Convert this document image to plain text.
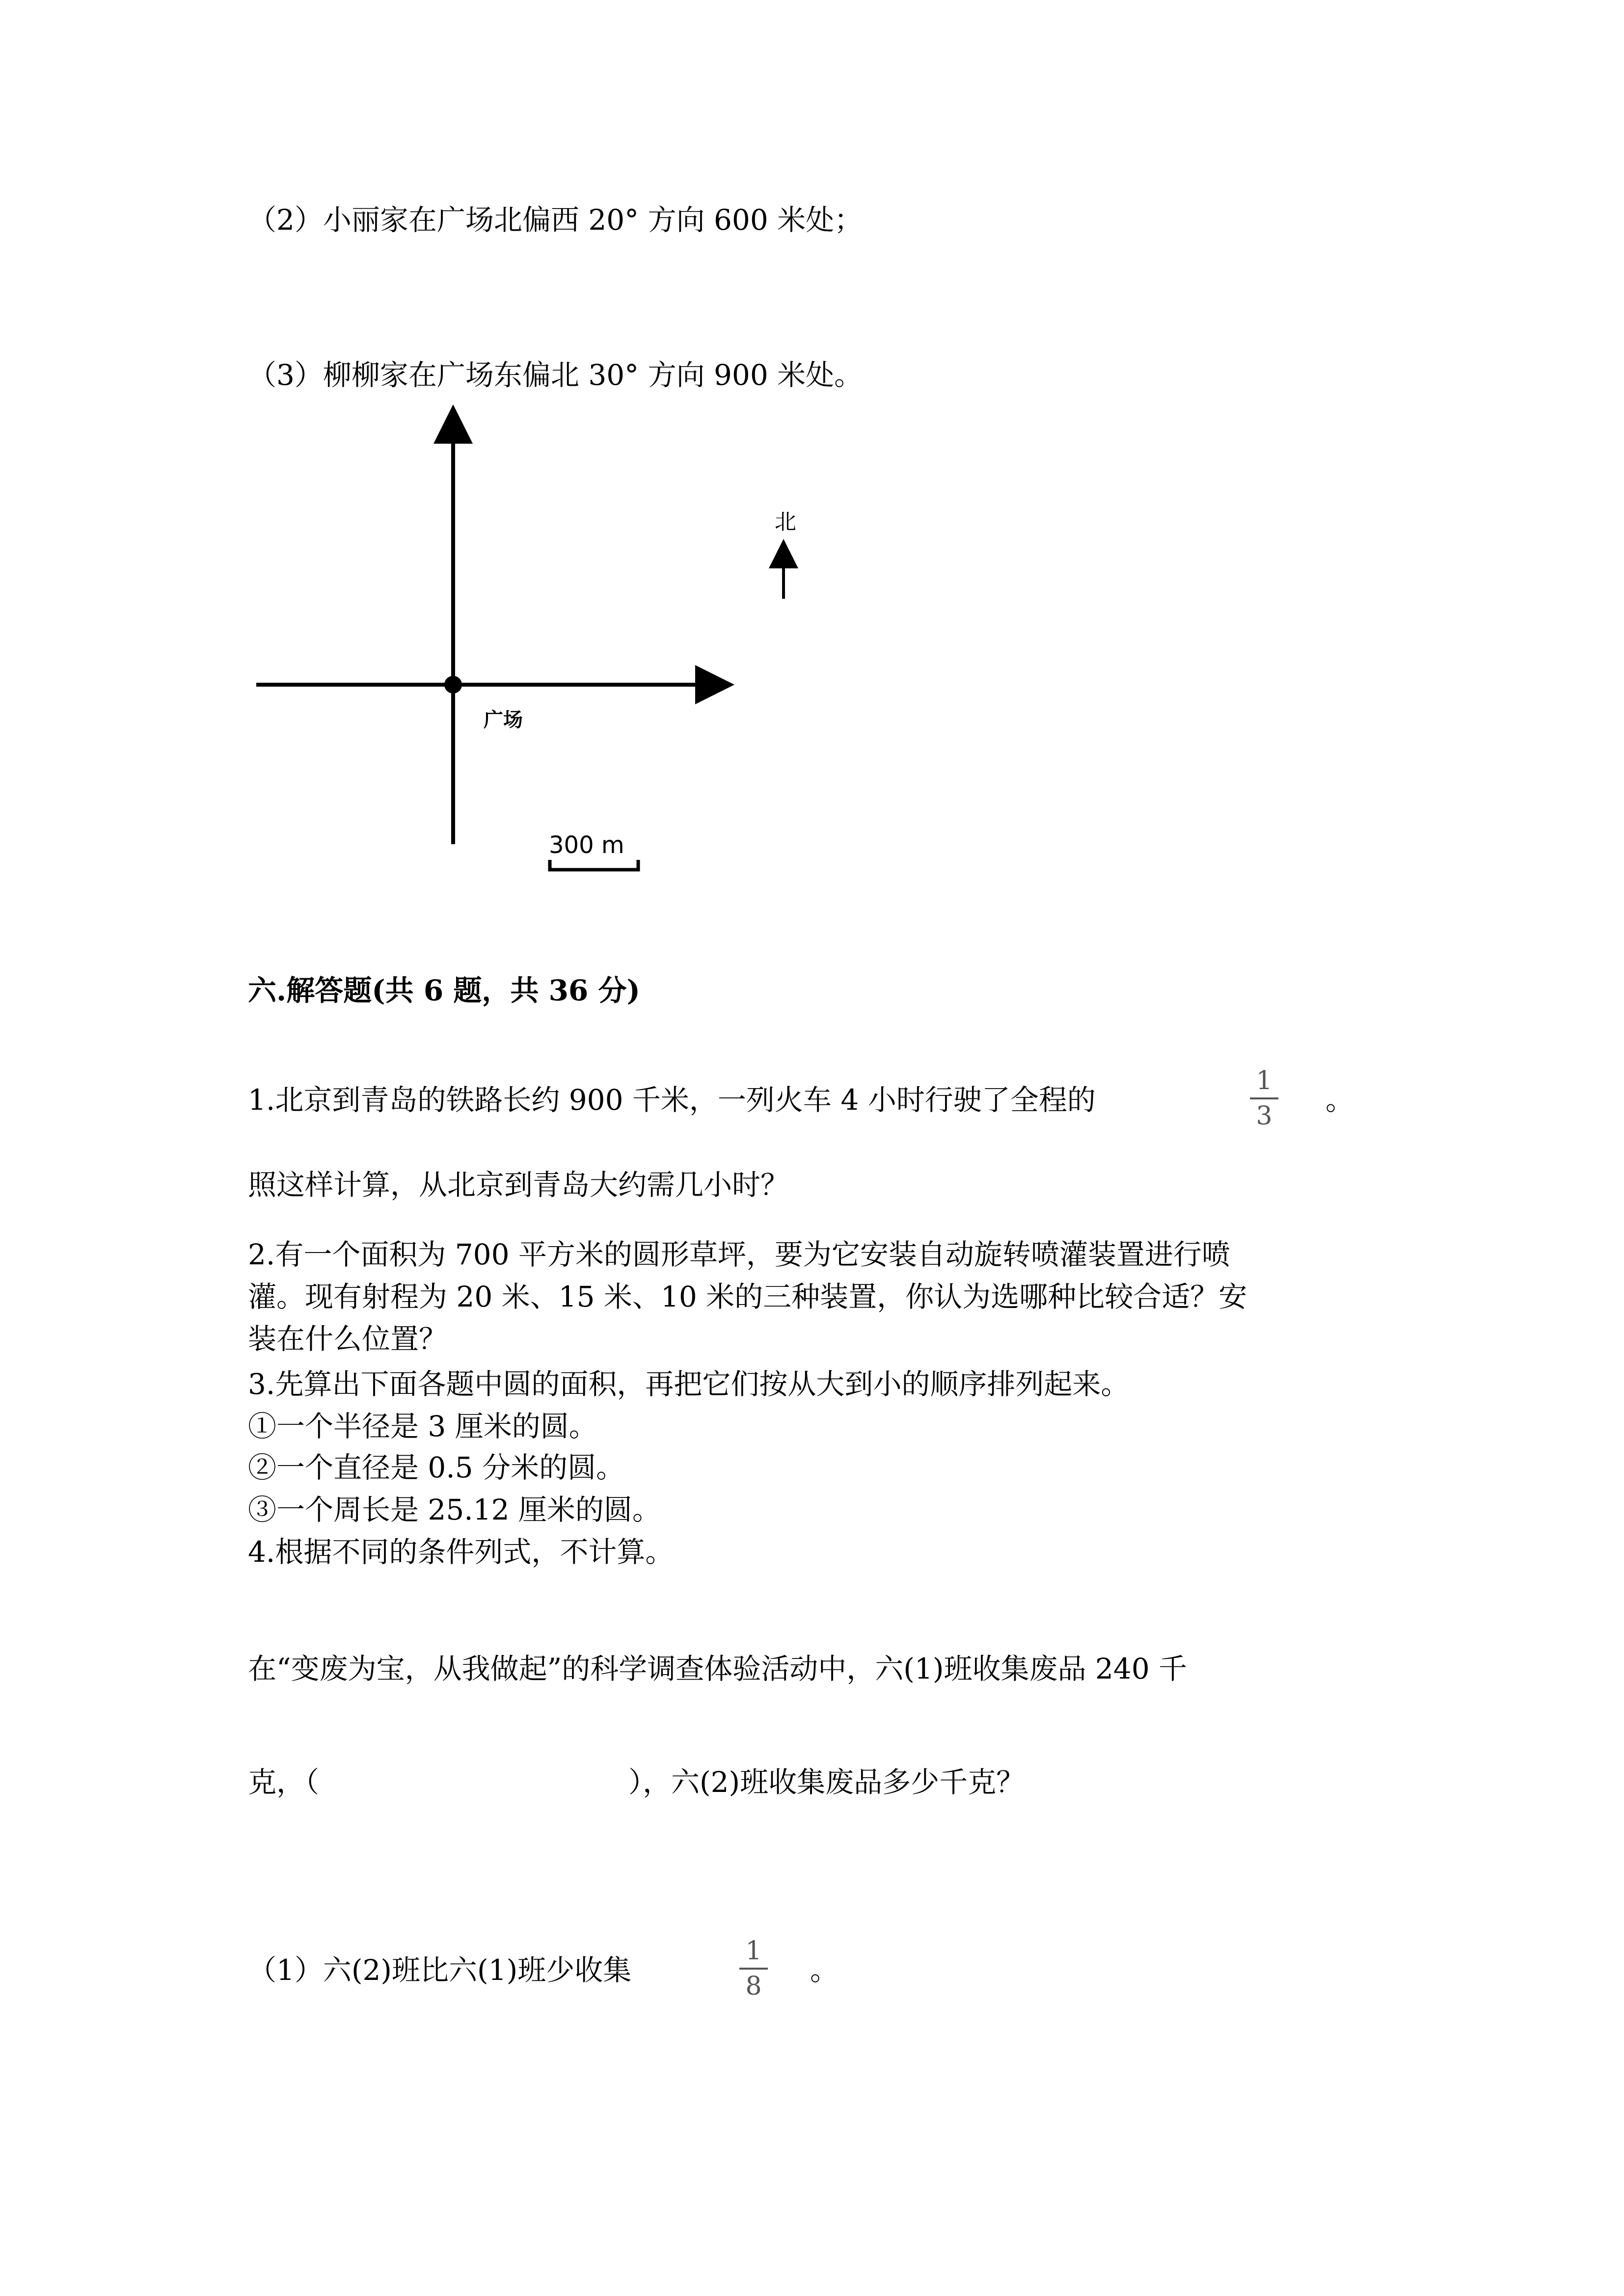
（2）小丽家在广场北偏西 20° 方向 600 米处；
（3）柳柳家在广场东偏北 30° 方向 900 米处。
广场
北
300 m
六.解答题(共 6 题，共 36 分)
1.北京到青岛的铁路长约 900 千米，一列火车 4 小时行驶了全程的
1
3	。
照这样计算，从北京到青岛大约需几小时？
2.有一个面积为 700 平方米的圆形草坪，要为它安装自动旋转喷灌装置进行喷
灌。现有射程为 20 米、15 米、10 米的三种装置，你认为选哪种比较合适？安
装在什么位置？
3.先算出下面各题中圆的面积，再把它们按从大到小的顺序排列起来。
①一个半径是 3 厘米的圆。
②一个直径是 0.5 分米的圆。
③一个周长是 25.12 厘米的圆。
4.根据不同的条件列式，不计算。
在“变废为宝，从我做起”的科学调查体验活动中，六(1)班收集废品 240 千
克，（	），六(2)班收集废品多少千克？
（1）六(2)班比六(1)班少收集
1
8	。
